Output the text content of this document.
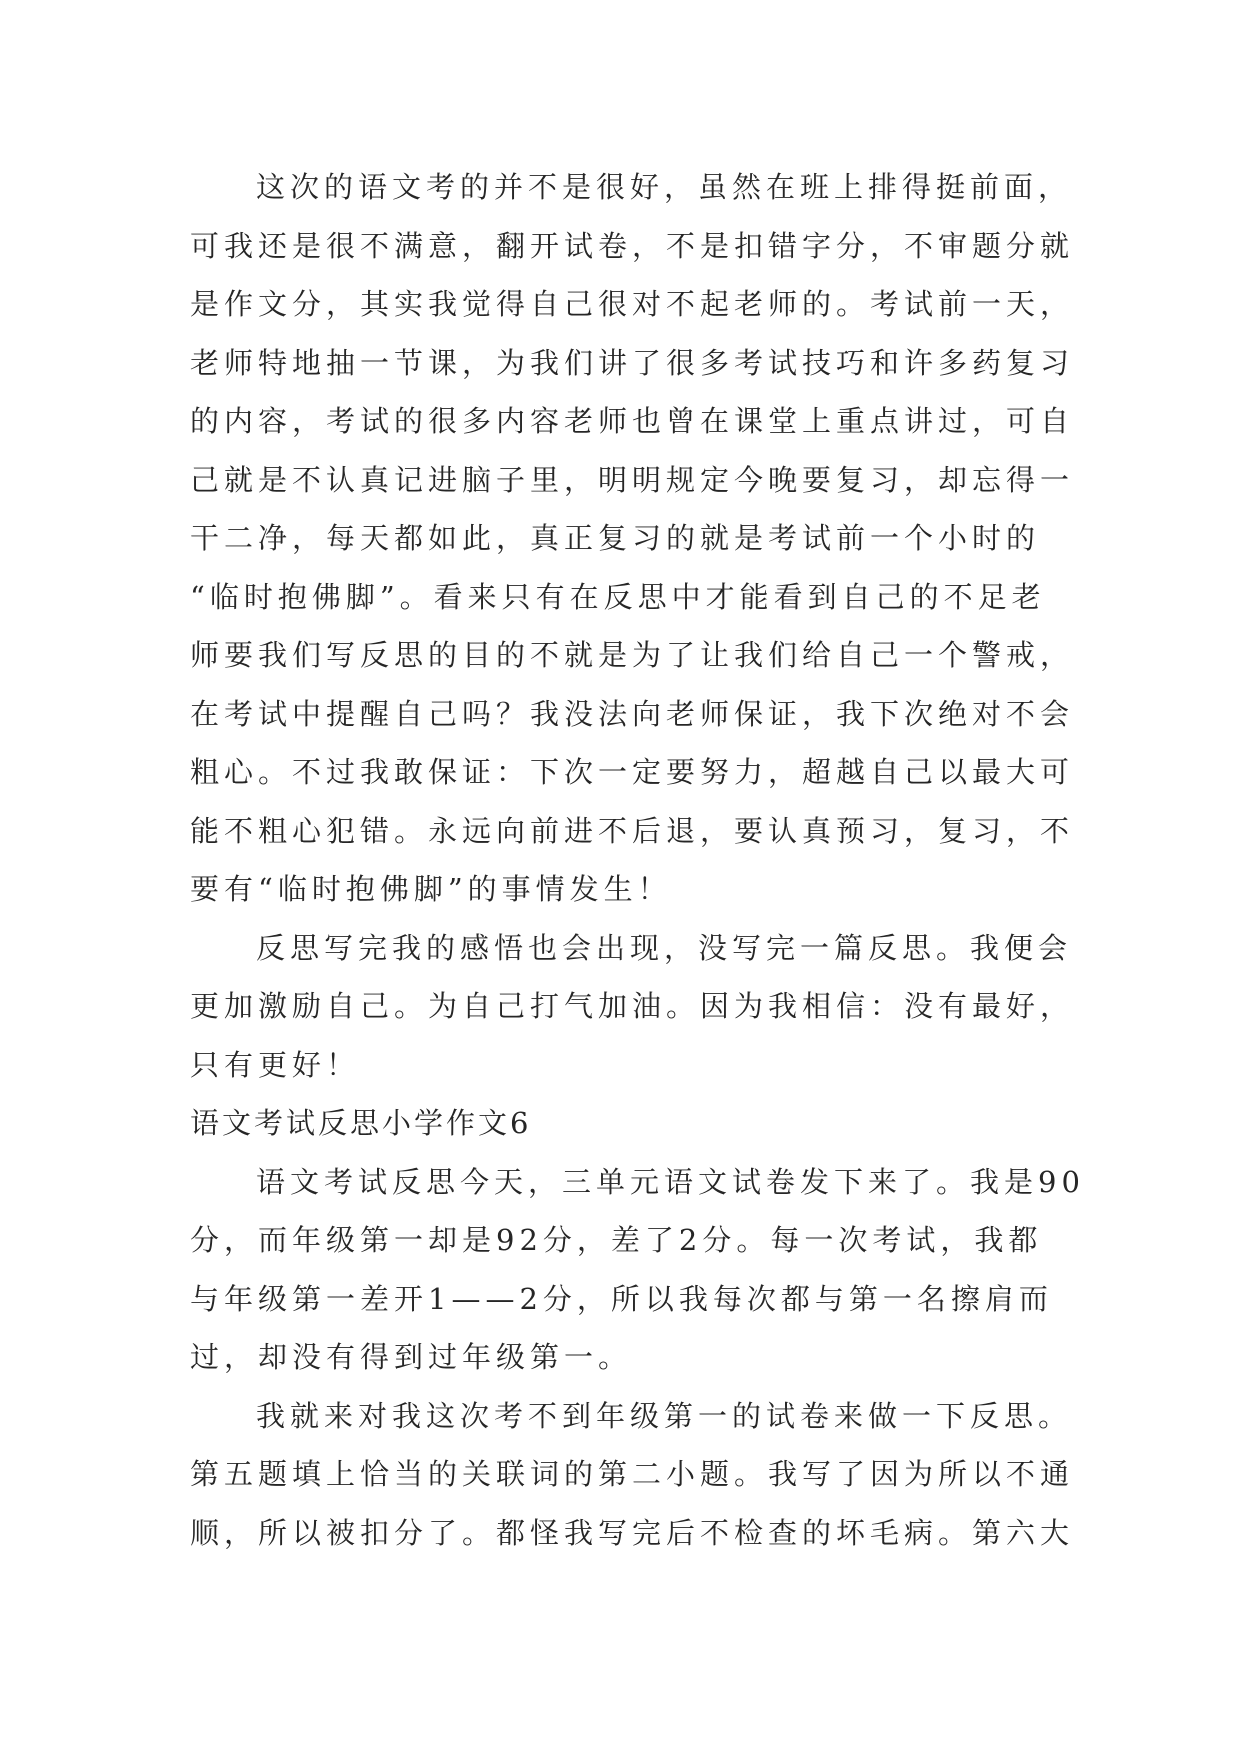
这次的语文考的并不是很好，虽然在班上排得挺前面，
可我还是很不满意，翻开试卷，不是扣错字分，不审题分就
是作文分，其实我觉得自己很对不起老师的。考试前一天，
老师特地抽一节课，为我们讲了很多考试技巧和许多药复习
的内容，考试的很多内容老师也曾在课堂上重点讲过，可自
己就是不认真记进脑子里，明明规定今晚要复习，却忘得一
干二净，每天都如此，真正复习的就是考试前一个小时的
“临时抱佛脚”。看来只有在反思中才能看到自己的不足老
师要我们写反思的目的不就是为了让我们给自己一个警戒，
在考试中提醒自己吗？我没法向老师保证，我下次绝对不会
粗心。不过我敢保证：下次一定要努力，超越自己以最大可
能不粗心犯错。永远向前进不后退，要认真预习，复习，不
要有“临时抱佛脚”的事情发生！
反思写完我的感悟也会出现，没写完一篇反思。我便会
更加激励自己。为自己打气加油。因为我相信：没有最好，
只有更好！
语文考试反思小学作文6
语文考试反思今天，三单元语文试卷发下来了。我是90
分，而年级第一却是92分，差了2分。每一次考试，我都
与年级第一差开1——2分，所以我每次都与第一名擦肩而
过，却没有得到过年级第一。
我就来对我这次考不到年级第一的试卷来做一下反思。
第五题填上恰当的关联词的第二小题。我写了因为所以不通
顺，所以被扣分了。都怪我写完后不检查的坏毛病。第六大
